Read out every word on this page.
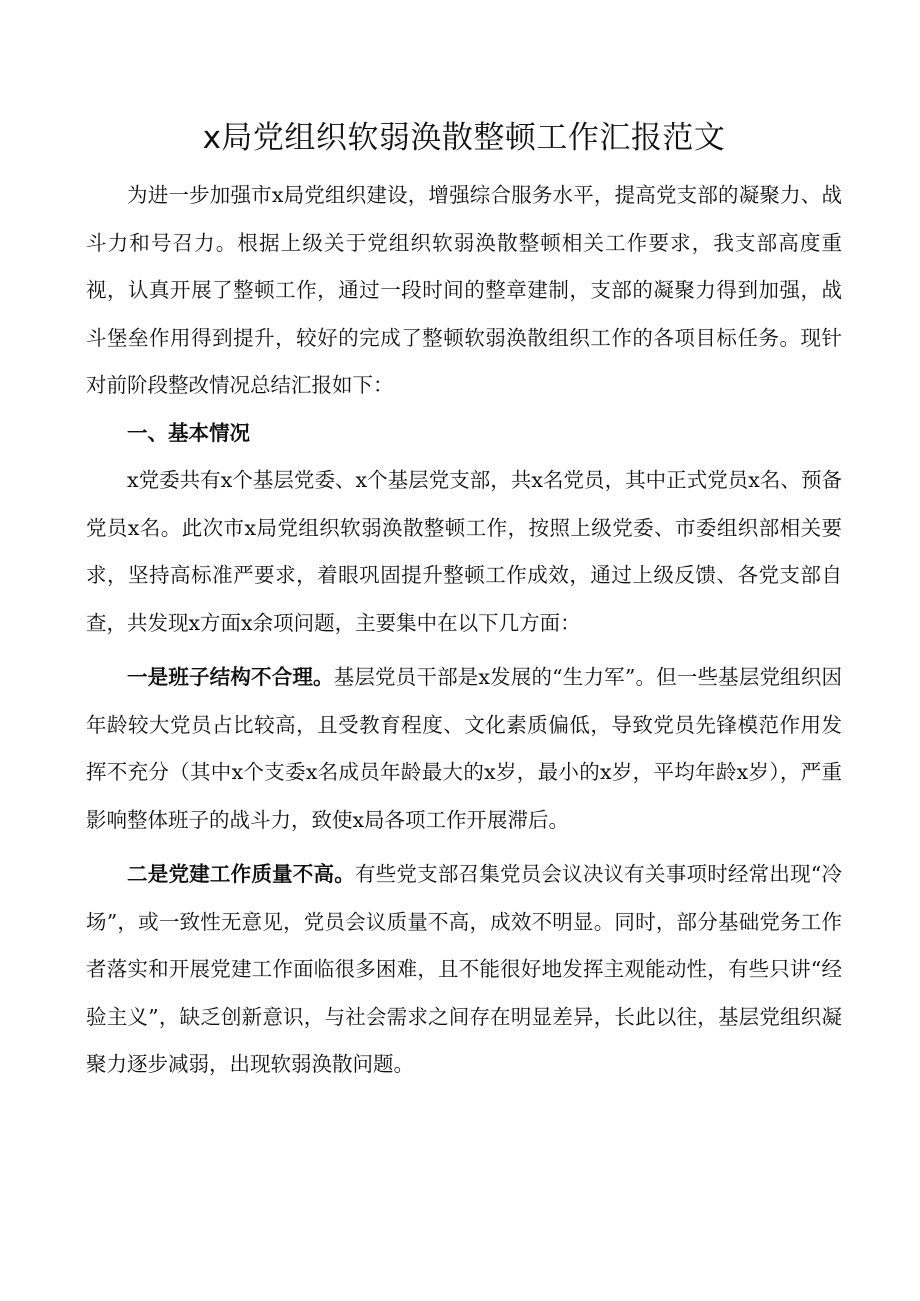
x局党组织软弱涣散整顿工作汇报范文

为进一步加强市x局党组织建设，增强综合服务水平，提高党支部的凝聚力、战斗力和号召力。根据上级关于党组织软弱涣散整顿相关工作要求，我支部高度重视，认真开展了整顿工作，通过一段时间的整章建制，支部的凝聚力得到加强，战斗堡垒作用得到提升，较好的完成了整顿软弱涣散组织工作的各项目标任务。现针对前阶段整改情况总结汇报如下：

一、基本情况

x党委共有x个基层党委、x个基层党支部，共x名党员，其中正式党员x名、预备党员x名。此次市x局党组织软弱涣散整顿工作，按照上级党委、市委组织部相关要求，坚持高标准严要求，着眼巩固提升整顿工作成效，通过上级反馈、各党支部自查，共发现x方面x余项问题，主要集中在以下几方面：

一是班子结构不合理。基层党员干部是x发展的“生力军”。但一些基层党组织因年龄较大党员占比较高，且受教育程度、文化素质偏低，导致党员先锋模范作用发挥不充分（其中x个支委x名成员年龄最大的x岁，最小的x岁，平均年龄x岁），严重影响整体班子的战斗力，致使x局各项工作开展滞后。

二是党建工作质量不高。有些党支部召集党员会议决议有关事项时经常出现“冷场”，或一致性无意见，党员会议质量不高，成效不明显。同时，部分基础党务工作者落实和开展党建工作面临很多困难，且不能很好地发挥主观能动性，有些只讲“经验主义”，缺乏创新意识，与社会需求之间存在明显差异，长此以往，基层党组织凝聚力逐步减弱，出现软弱涣散问题。
